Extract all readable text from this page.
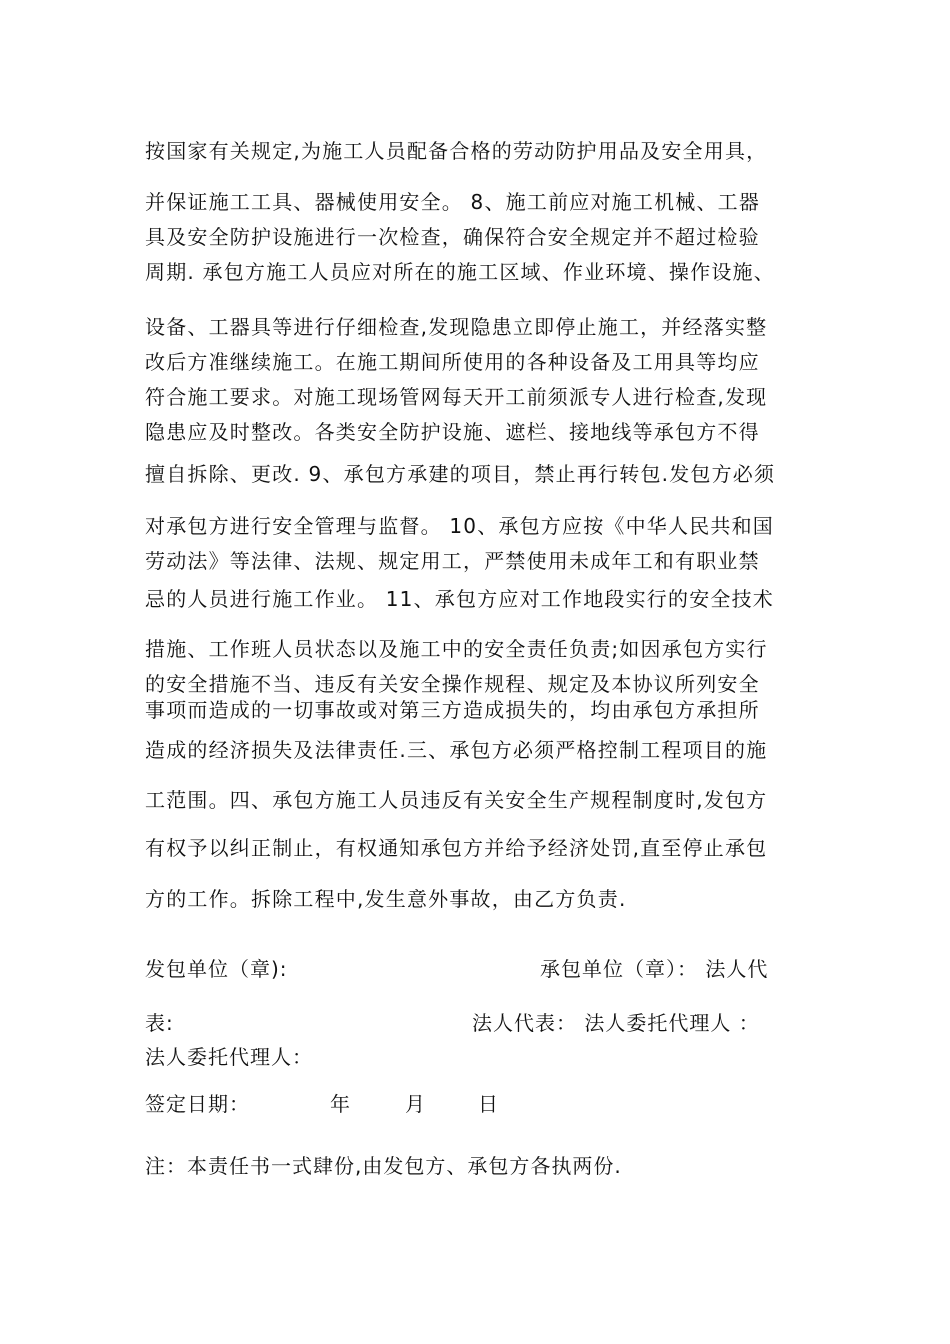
按国家有关规定,为施工人员配备合格的劳动防护用品及安全用具，
并保证施工工具、器械使用安全。 8、施工前应对施工机械、工器
具及安全防护设施进行一次检查，确保符合安全规定并不超过检验
周期. 承包方施工人员应对所在的施工区域、作业环境、操作设施、
设备、工器具等进行仔细检查,发现隐患立即停止施工，并经落实整
改后方准继续施工。在施工期间所使用的各种设备及工用具等均应
符合施工要求。对施工现场管网每天开工前须派专人进行检查,发现
隐患应及时整改。各类安全防护设施、遮栏、接地线等承包方不得
擅自拆除、更改. 9、承包方承建的项目，禁止再行转包.发包方必须
对承包方进行安全管理与监督。 10、承包方应按《中华人民共和国
劳动法》等法律、法规、规定用工，严禁使用未成年工和有职业禁
忌的人员进行施工作业。 11、承包方应对工作地段实行的安全技术
措施、工作班人员状态以及施工中的安全责任负责;如因承包方实行
的安全措施不当、违反有关安全操作规程、规定及本协议所列安全
事项而造成的一切事故或对第三方造成损失的，均由承包方承担所
造成的经济损失及法律责任.三、承包方必须严格控制工程项目的施
工范围。四、承包方施工人员违反有关安全生产规程制度时,发包方
有权予以纠正制止，有权通知承包方并给予经济处罚,直至停止承包
方的工作。拆除工程中,发生意外事故，由乙方负责.
发包单位（章):	承包单位（章）： 法人代
表:	法人代表： 法人委托代理人 ：
法人委托代理人：
签定日期：	年	月	日
注：本责任书一式肆份,由发包方、承包方各执两份.
